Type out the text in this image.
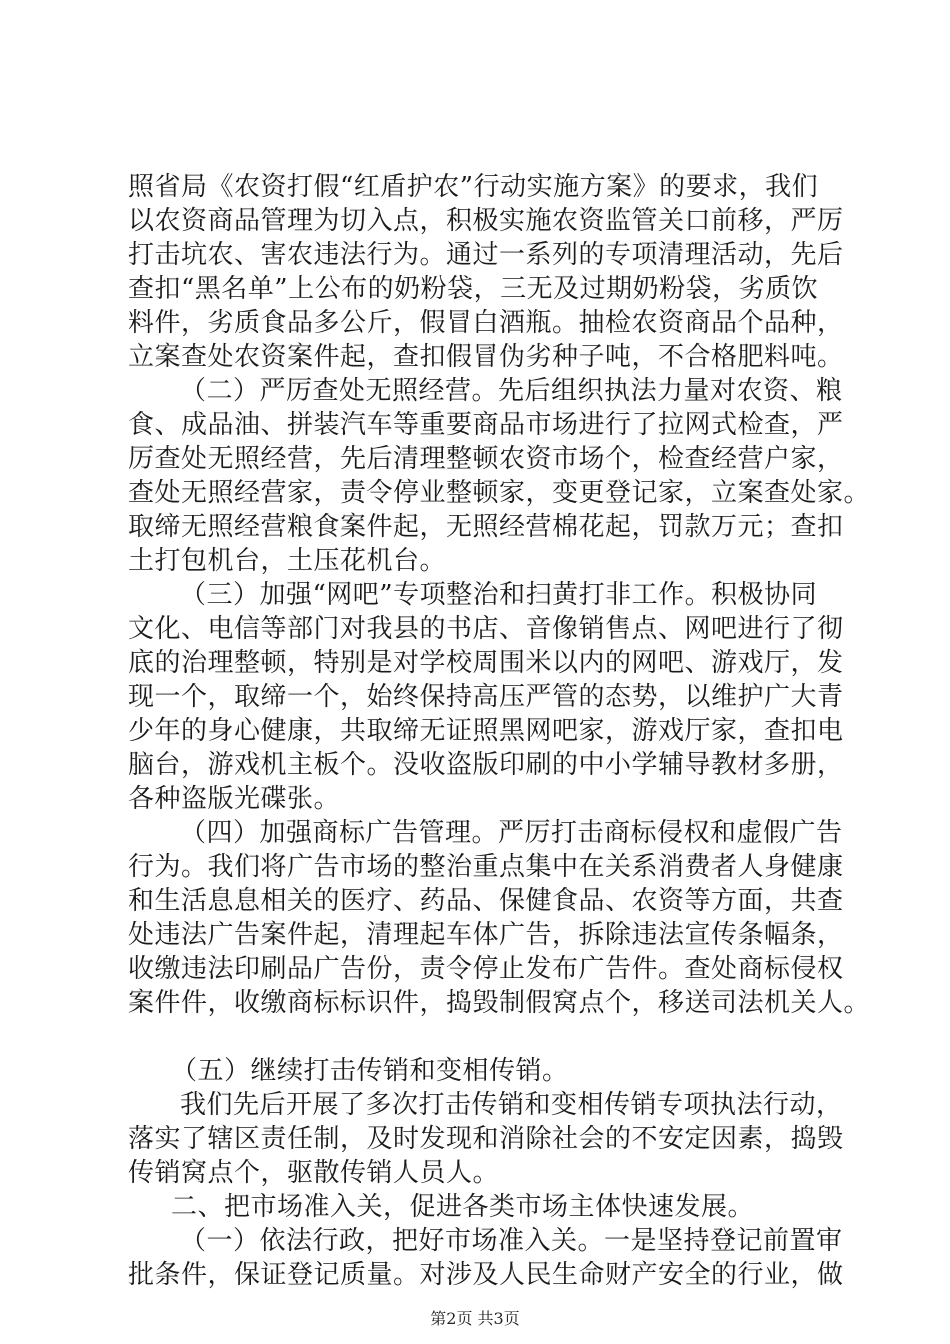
照省局《农资打假“红盾护农”行动实施方案》的要求，我们
以农资商品管理为切入点，积极实施农资监管关口前移，严厉
打击坑农、害农违法行为。通过一系列的专项清理活动，先后
查扣“黑名单”上公布的奶粉袋，三无及过期奶粉袋，劣质饮
料件，劣质食品多公斤，假冒白酒瓶。抽检农资商品个品种，
立案查处农资案件起，查扣假冒伪劣种子吨，不合格肥料吨。
（二）严厉查处无照经营。先后组织执法力量对农资、粮
食、成品油、拼装汽车等重要商品市场进行了拉网式检查，严
厉查处无照经营，先后清理整顿农资市场个，检查经营户家，
查处无照经营家，责令停业整顿家，变更登记家，立案查处家。
取缔无照经营粮食案件起，无照经营棉花起，罚款万元；查扣
土打包机台，土压花机台。
（三）加强“网吧”专项整治和扫黄打非工作。积极协同
文化、电信等部门对我县的书店、音像销售点、网吧进行了彻
底的治理整顿，特别是对学校周围米以内的网吧、游戏厅，发
现一个，取缔一个，始终保持高压严管的态势，以维护广大青
少年的身心健康，共取缔无证照黑网吧家，游戏厅家，查扣电
脑台，游戏机主板个。没收盗版印刷的中小学辅导教材多册，
各种盗版光碟张。
（四）加强商标广告管理。严厉打击商标侵权和虚假广告
行为。我们将广告市场的整治重点集中在关系消费者人身健康
和生活息息相关的医疗、药品、保健食品、农资等方面，共查
处违法广告案件起，清理起车体广告，拆除违法宣传条幅条，
收缴违法印刷品广告份，责令停止发布广告件。查处商标侵权
案件件，收缴商标标识件，捣毁制假窝点个，移送司法机关人。
（五）继续打击传销和变相传销。
我们先后开展了多次打击传销和变相传销专项执法行动，
落实了辖区责任制，及时发现和消除社会的不安定因素，捣毁
传销窝点个，驱散传销人员人。
二、把市场准入关，促进各类市场主体快速发展。
（一）依法行政，把好市场准入关。一是坚持登记前置审
批条件，保证登记质量。对涉及人民生命财产安全的行业，做
第2页 共3页
